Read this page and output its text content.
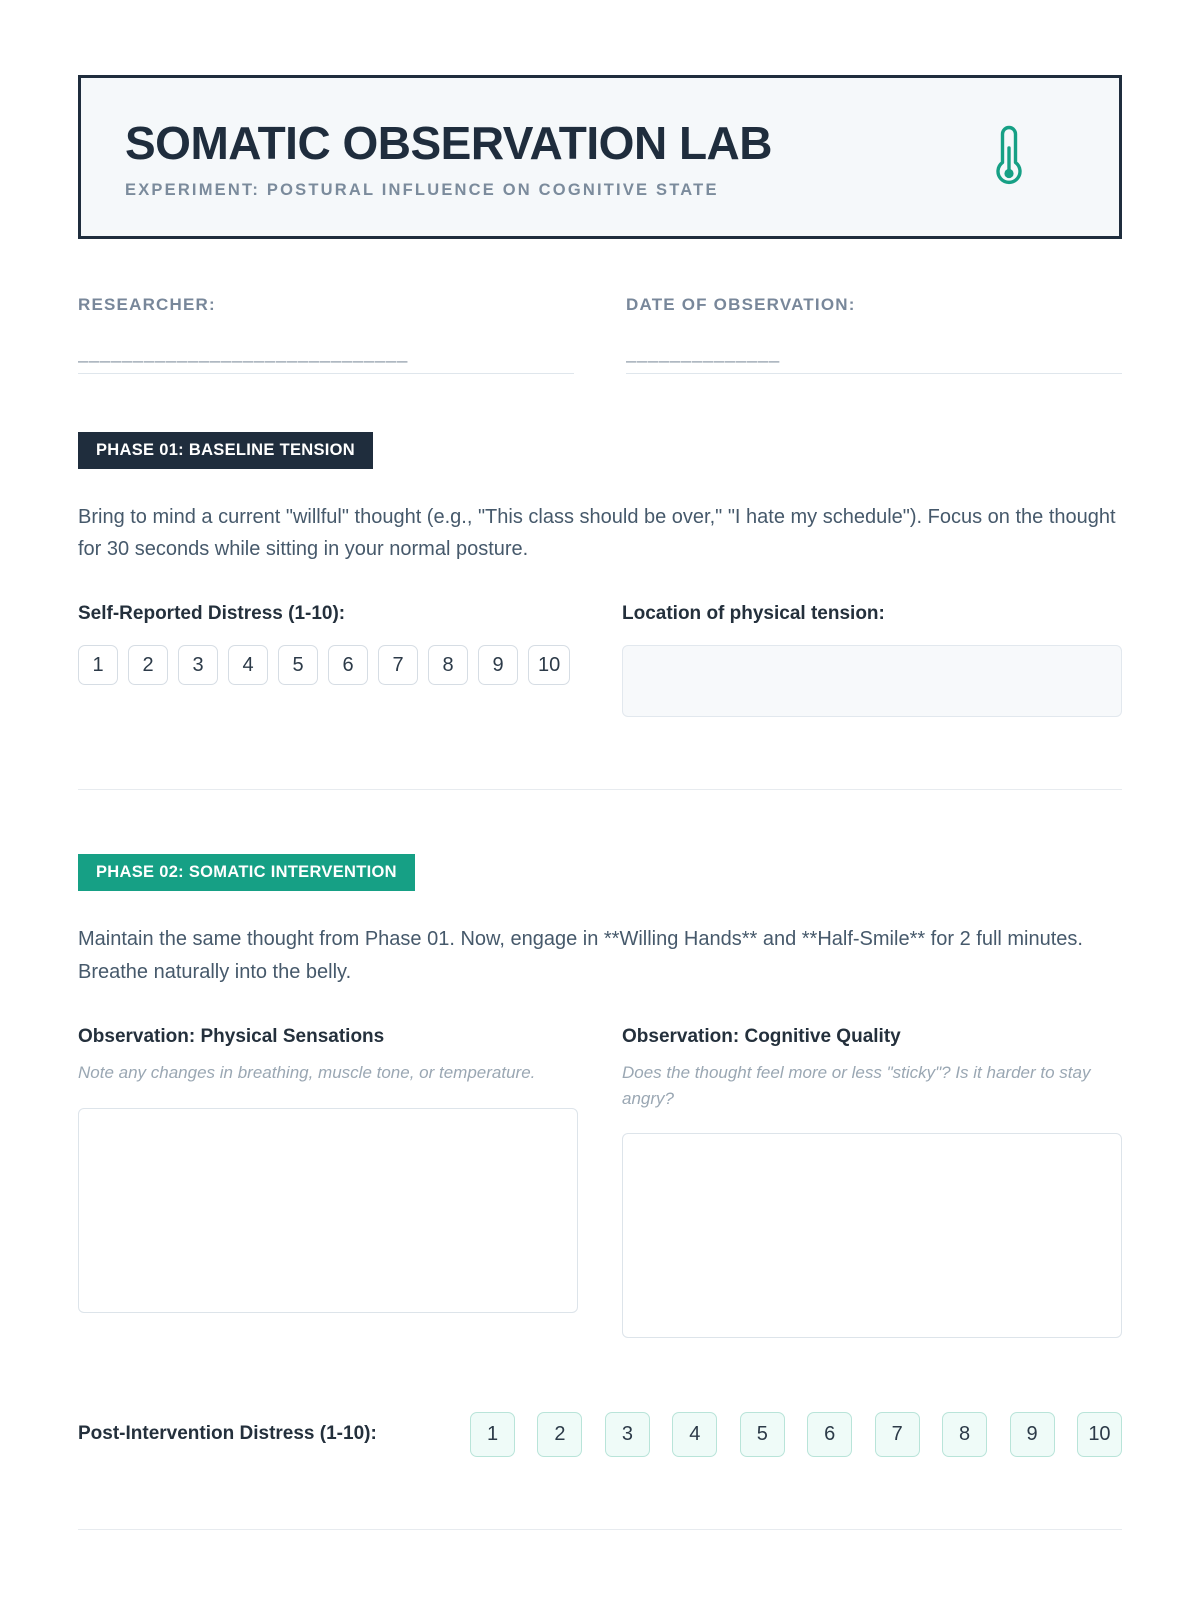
SOMATIC OBSERVATION LAB
EXPERIMENT: POSTURAL INFLUENCE ON COGNITIVE STATE
RESEARCHER:
______________________________
DATE OF OBSERVATION:
______________
PHASE 01: BASELINE TENSION

Bring to mind a current "willful" thought (e.g., "This class should be over," "I hate my schedule"). Focus on the thought for 30 seconds while sitting in your normal posture.

Self-Reported Distress (1-10):
1	2	3	4	5	6	7	8	9	10
Location of physical tension:
PHASE 02: SOMATIC INTERVENTION

Maintain the same thought from Phase 01. Now, engage in **Willing Hands** and **Half-Smile** for 2 full minutes. Breathe naturally into the belly.

Observation: Physical Sensations

Note any changes in breathing, muscle tone, or temperature.

Observation: Cognitive Quality

Does the thought feel more or less "sticky"? Is it harder to stay angry?

Post-Intervention Distress (1-10):	1	2	3	4	5	6	7	8	9	10
